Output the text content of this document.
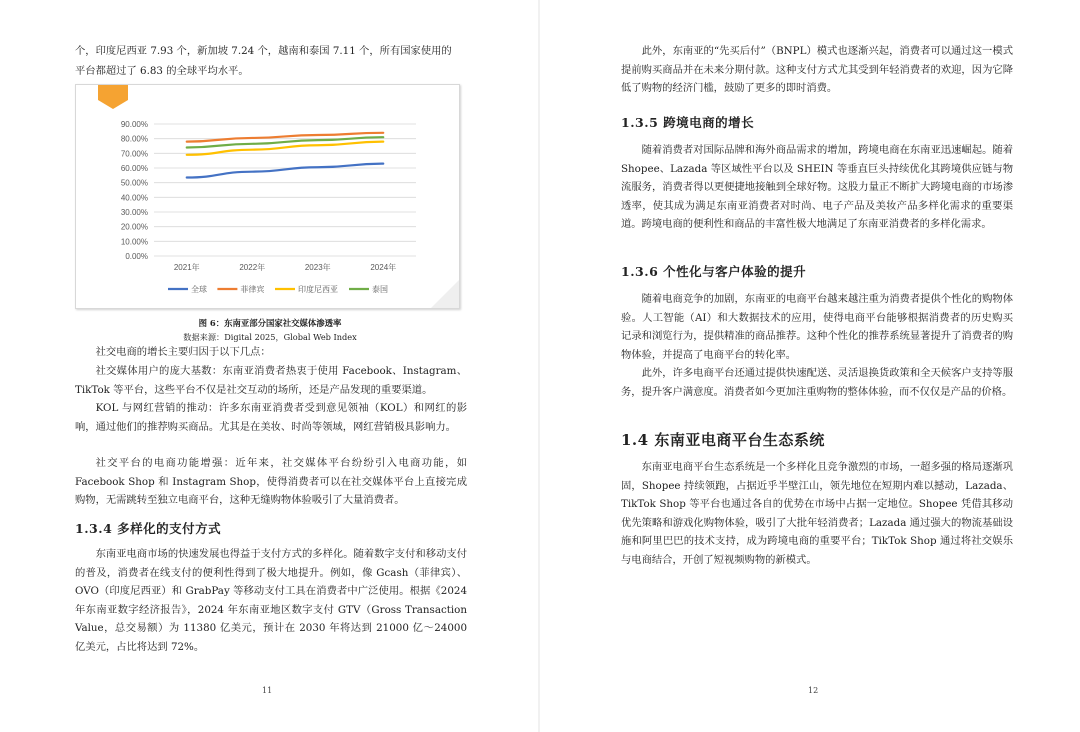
个，印度尼西亚 7.93 个，新加坡 7.24 个，越南和泰国 7.11 个，所有国家使用的

平台都超过了 6.83 的全球平均水平。

0.00%
10.00%
20.00%
30.00%
40.00%
50.00%
60.00%
70.00%
80.00%
90.00%
2021年	2022年	2023年	2024年
全球	菲律宾	印度尼西亚	泰国
图 6：东南亚部分国家社交媒体渗透率
数据来源：Digital 2025，Global Web Index

社交电商的增长主要归因于以下几点：

社交媒体用户的庞大基数：东南亚消费者热衷于使用 Facebook、Instagram、TikTok 等平台，这些平台不仅是社交互动的场所，还是产品发现的重要渠道。

KOL 与网红营销的推动：许多东南亚消费者受到意见领袖（KOL）和网红的影响，通过他们的推荐购买商品。尤其是在美妆、时尚等领域，网红营销极具影响力。

社交平台的电商功能增强：近年来，社交媒体平台纷纷引入电商功能，如 Facebook Shop 和 Instagram Shop，使得消费者可以在社交媒体平台上直接完成购物，无需跳转至独立电商平台，这种无缝购物体验吸引了大量消费者。

1.3.4 多样化的支付方式

东南亚电商市场的快速发展也得益于支付方式的多样化。随着数字支付和移动支付的普及，消费者在线支付的便利性得到了极大地提升。例如，像 Gcash（菲律宾）、OVO（印度尼西亚）和 GrabPay 等移动支付工具在消费者中广泛使用。根据《2024 年东南亚数字经济报告》，2024 年东南亚地区数字支付 GTV（Gross Transaction Value，总交易额）为 11380 亿美元，预计在 2030 年将达到 21000 亿～24000 亿美元，占比将达到 72%。

11

此外，东南亚的“先买后付”（BNPL）模式也逐渐兴起，消费者可以通过这一模式提前购买商品并在未来分期付款。这种支付方式尤其受到年轻消费者的欢迎，因为它降低了购物的经济门槛，鼓励了更多的即时消费。

1.3.5 跨境电商的增长

随着消费者对国际品牌和海外商品需求的增加，跨境电商在东南亚迅速崛起。随着 Shopee、Lazada 等区域性平台以及 SHEIN 等垂直巨头持续优化其跨境供应链与物流服务，消费者得以更便捷地接触到全球好物。这股力量正不断扩大跨境电商的市场渗透率，使其成为满足东南亚消费者对时尚、电子产品及美妆产品多样化需求的重要渠道。跨境电商的便利性和商品的丰富性极大地满足了东南亚消费者的多样化需求。

1.3.6 个性化与客户体验的提升

随着电商竞争的加剧，东南亚的电商平台越来越注重为消费者提供个性化的购物体验。人工智能（AI）和大数据技术的应用，使得电商平台能够根据消费者的历史购买记录和浏览行为，提供精准的商品推荐。这种个性化的推荐系统显著提升了消费者的购物体验，并提高了电商平台的转化率。

此外，许多电商平台还通过提供快速配送、灵活退换货政策和全天候客户支持等服务，提升客户满意度。消费者如今更加注重购物的整体体验，而不仅仅是产品的价格。

1.4 东南亚电商平台生态系统

东南亚电商平台生态系统是一个多样化且竞争激烈的市场，一超多强的格局逐渐巩固，Shopee 持续领跑，占据近乎半壁江山，领先地位在短期内难以撼动，Lazada、TikTok Shop 等平台也通过各自的优势在市场中占据一定地位。Shopee 凭借其移动优先策略和游戏化购物体验，吸引了大批年轻消费者；Lazada 通过强大的物流基础设施和阿里巴巴的技术支持，成为跨境电商的重要平台；TikTok Shop 通过将社交娱乐与电商结合，开创了短视频购物的新模式。

12
